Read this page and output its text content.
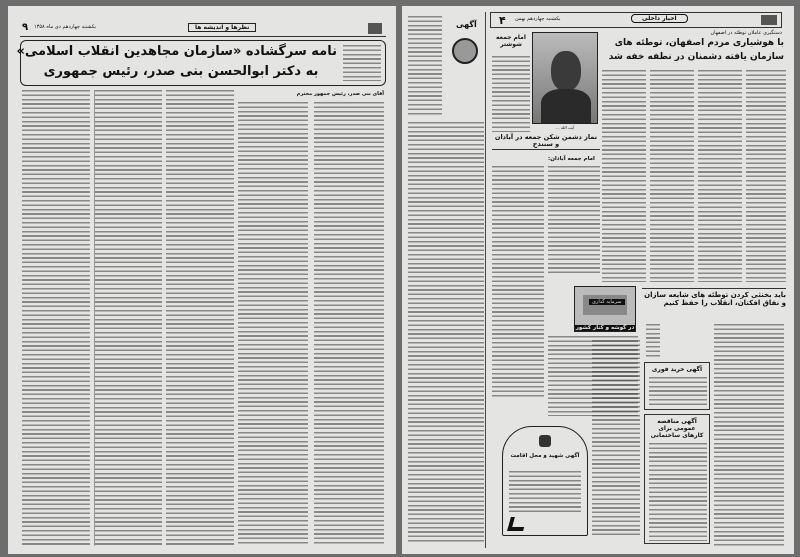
۹ یکشنبه چهاردهم دی ماه ۱۳۵۸	نظرها و اندیشه ها
نامه سرگشاده «سازمان مجاهدین انقلاب اسلامی»
به دکتر ابوالحسن بنی صدر، رئیس جمهوری
آقای بنی صدر، رئیس جمهور محترم
آگهی ۴ یکشنبه چهاردهم بهمن	اخبار داخلی
امام جمعه شوشتر
آیت الله ...
دستگیری عاملان توطئه در اصفهان
با هوشیاری مردم اصفهان، توطئه های
سازمان یافته دشمنان در نطفه خفه شد
نماز دشمن شکن جمعه در آبادان و سنندج
امام جمعه آبادان:
سرمایه گذاری
در گوشه و کنار کشور
آگهی شهید و محل اقامت
باید بخنثی کردن توطئه های شایعه سازان و نفاق افکنان، انقلاب را حفظ کنیم
آگهی خرید فوری
آگهی مناقصه عمومی برای کارهای ساختمانی
